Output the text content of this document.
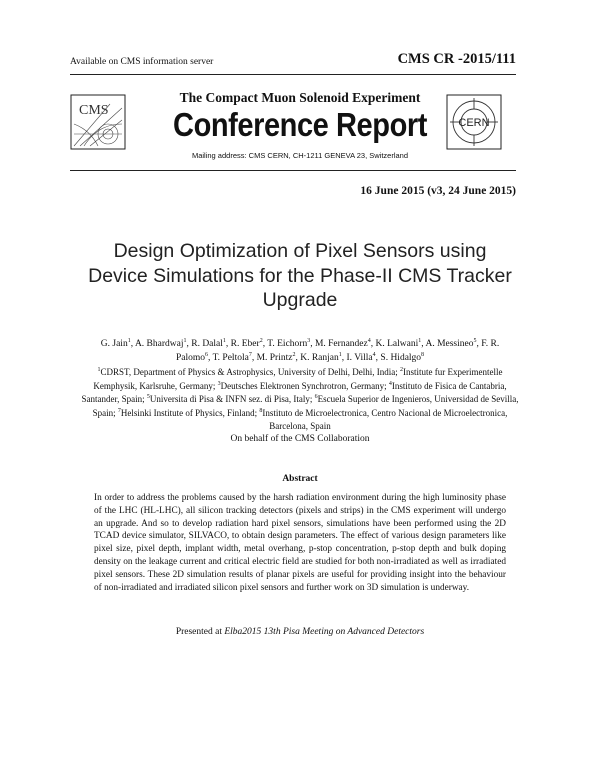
Available on CMS information server	CMS CR -2015/111
CMS
CERN
The Compact Muon Solenoid Experiment
Conference Report
Mailing address: CMS CERN, CH-1211 GENEVA 23, Switzerland
16 June 2015 (v3, 24 June 2015)
Design Optimization of Pixel Sensors using
Device Simulations for the Phase-II CMS Tracker
Upgrade
G. Jain$^1$, A. Bhardwaj$^1$, R. Dalal$^1$, R. Eber$^2$, T. Eichorn$^3$, M. Fernandez$^4$, K. Lalwani$^1$, A. Messineo$^5$, F. R. Palomo$^6$, T. Peltola$^7$, M. Printz$^2$, K. Ranjan$^1$, I. Villa$^4$, S. Hidalgo$^8$
$^1$CDRST, Department of Physics & Astrophysics, University of Delhi, Delhi, India; $^2$Institute fur Experimentelle Kemphysik, Karlsruhe, Germany; $^3$Deutsches Elektronen Synchrotron, Germany; $^4$Instituto de Fisica de Cantabria, Santander, Spain; $^5$Universita di Pisa & INFN sez. di Pisa, Italy; $^6$Escuela Superior de Ingenieros, Universidad de Sevilla, Spain; $^7$Helsinki Institute of Physics, Finland; $^8$Instituto de Microelectronica, Centro Nacional de Microelectronica, Barcelona, Spain
On behalf of the CMS Collaboration
Abstract
In order to address the problems caused by the harsh radiation environment during the high luminosity phase of the LHC (HL-LHC), all silicon tracking detectors (pixels and strips) in the CMS experiment will undergo an upgrade. And so to develop radiation hard pixel sensors, simulations have been performed using the 2D TCAD device simulator, SILVACO, to obtain design parameters. The effect of various design parameters like pixel size, pixel depth, implant width, metal overhang, p-stop concentration, p-stop depth and bulk doping density on the leakage current and critical electric field are studied for both non-irradiated as well as irradiated pixel sensors. These 2D simulation results of planar pixels are useful for providing insight into the behaviour of non-irradiated and irradiated silicon pixel sensors and further work on 3D simulation is underway.
Presented at Elba2015 13th Pisa Meeting on Advanced Detectors
